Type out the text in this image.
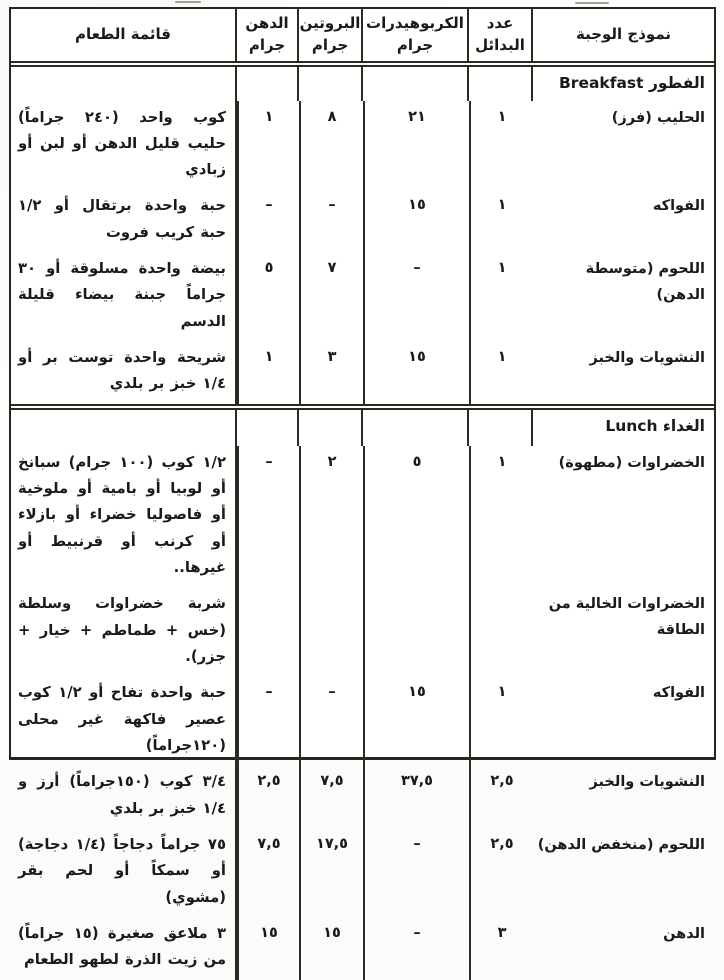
نموذج الوجبة
عدد البدائل
الكربوهيدرات جرام
البروتين جرام
الدهن جرام
قائمة الطعام
الفطور Breakfast
الحليب (فرز)
١
٢١
٨
١
كوب واحد (٢٤٠ جراماً) حليب قليل الدهن أو لبن أو زبادي
الفواكه
١
١٥
–
–
حبة واحدة برتقال أو ١/٢ حبة كريب فروت
اللحوم (متوسطة الدهن)
١
–
٧
٥
بيضة واحدة مسلوقة أو ٣٠ جراماً جبنة بيضاء قليلة الدسم
النشويات والخبز
١
١٥
٣
١
شريحة واحدة توست بر أو ١/٤ خبز بر بلدي
الغداء Lunch
الخضراوات (مطهوة)
١
٥
٢
–
١/٢ كوب (١٠٠ جرام) سبانخ أو لوبيا أو بامية أو ملوخية أو فاصوليا خضراء أو بازلاء أو كرنب أو قرنبيط أو غيرها..
الخضراوات الخالية من الطاقة
شربة خضراوات وسلطة (خس + طماطم + خيار + جزر).
الفواكه
١
١٥
–
–
حبة واحدة تفاح أو ١/٢ كوب عصير فاكهة غير محلى (١٢٠جراماً)
النشويات والخبز
٢,٥
٣٧,٥
٧,٥
٢,٥
٣/٤ كوب (١٥٠جراماً) أرز و ١/٤ خبز بر بلدي
اللحوم (منخفض الدهن)
٢,٥
–
١٧,٥
٧,٥
٧٥ جراماً دجاجاً (١/٤ دجاجة) أو سمكاً أو لحم بقر (مشوي)
الدهن
٣
–
١٥
١٥
٣ ملاعق صغيرة (١٥ جراماً) من زيت الذرة لطهو الطعام
